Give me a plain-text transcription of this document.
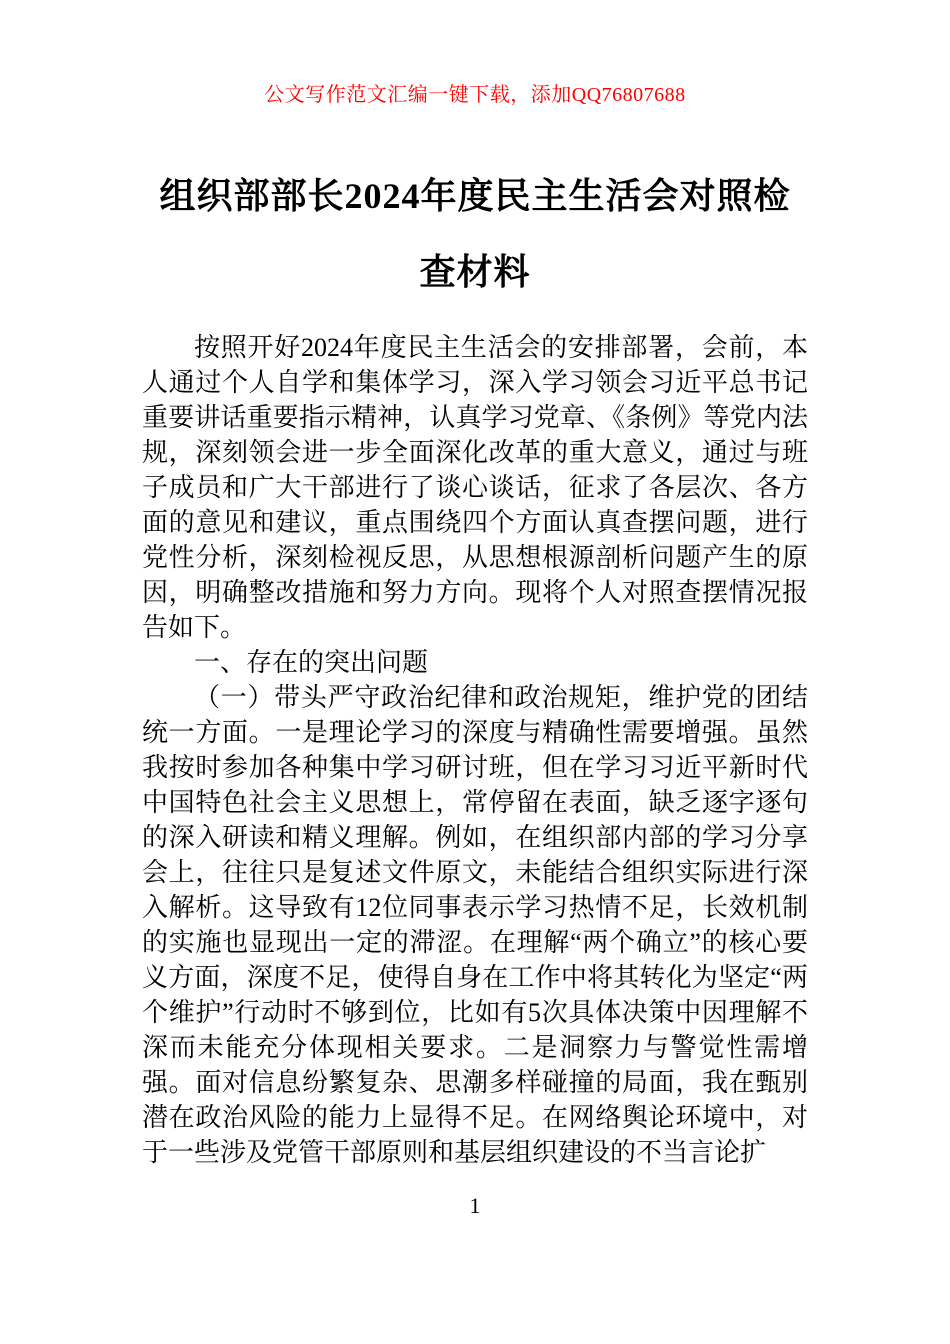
公文写作范文汇编一键下载，添加QQ76807688
组织部部长2024年度民主生活会对照检查材料

按照开好2024年度民主生活会的安排部署，会前，本人通过个人自学和集体学习，深入学习领会习近平总书记重要讲话重要指示精神，认真学习党章、《条例》等党内法规，深刻领会进一步全面深化改革的重大意义，通过与班子成员和广大干部进行了谈心谈话，征求了各层次、各方面的意见和建议，重点围绕四个方面认真查摆问题，进行党性分析，深刻检视反思，从思想根源剖析问题产生的原因，明确整改措施和努力方向。现将个人对照查摆情况报告如下。

一、存在的突出问题

（一）带头严守政治纪律和政治规矩，维护党的团结统一方面。一是理论学习的深度与精确性需要增强。虽然我按时参加各种集中学习研讨班，但在学习习近平新时代中国特色社会主义思想上，常停留在表面，缺乏逐字逐句的深入研读和精义理解。例如，在组织部内部的学习分享会上，往往只是复述文件原文，未能结合组织实际进行深入解析。这导致有12位同事表示学习热情不足，长效机制的实施也显现出一定的滞涩。在理解“两个确立”的核心要义方面，深度不足，使得自身在工作中将其转化为坚定“两个维护”行动时不够到位，比如有5次具体决策中因理解不深而未能充分体现相关要求。二是洞察力与警觉性需增强。面对信息纷繁复杂、思潮多样碰撞的局面，我在甄别潜在政治风险的能力上显得不足。在网络舆论环境中，对于一些涉及党管干部原则和基层组织建设的不当言论扩

1
